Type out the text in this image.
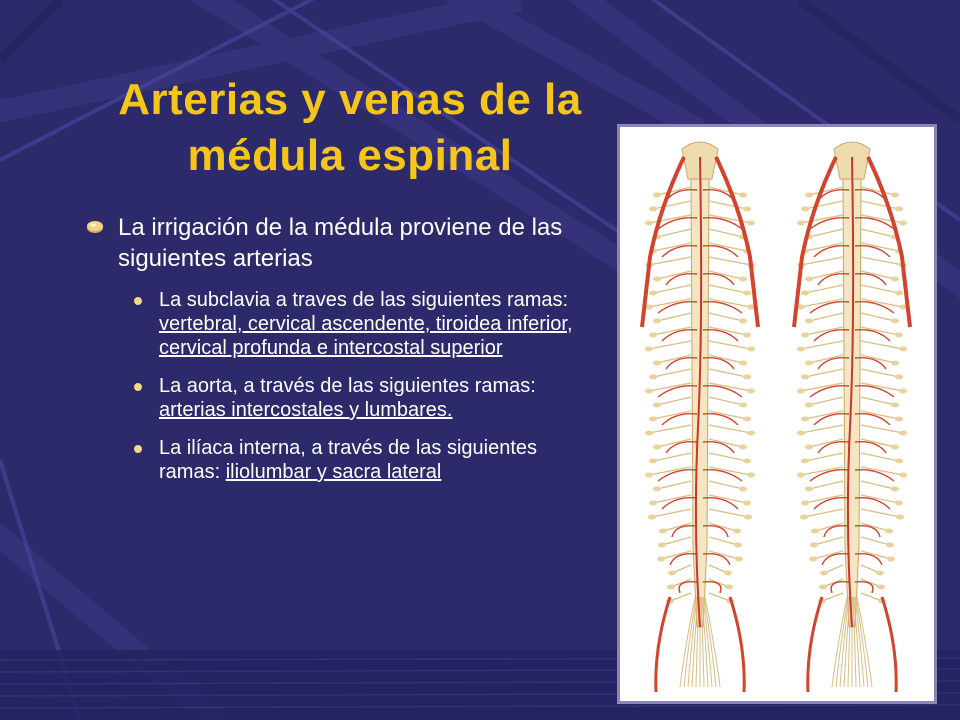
Arterias y venas de la médula espinal
La irrigación de la médula proviene de las siguientes arterias
La subclavia a traves de las siguientes ramas: vertebral, cervical ascendente, tiroidea inferior, cervical profunda e intercostal superior
La aorta, a través de las siguientes ramas: arterias intercostales y lumbares.
La ilíaca interna, a través de las siguientes ramas: iliolumbar y sacra lateral
